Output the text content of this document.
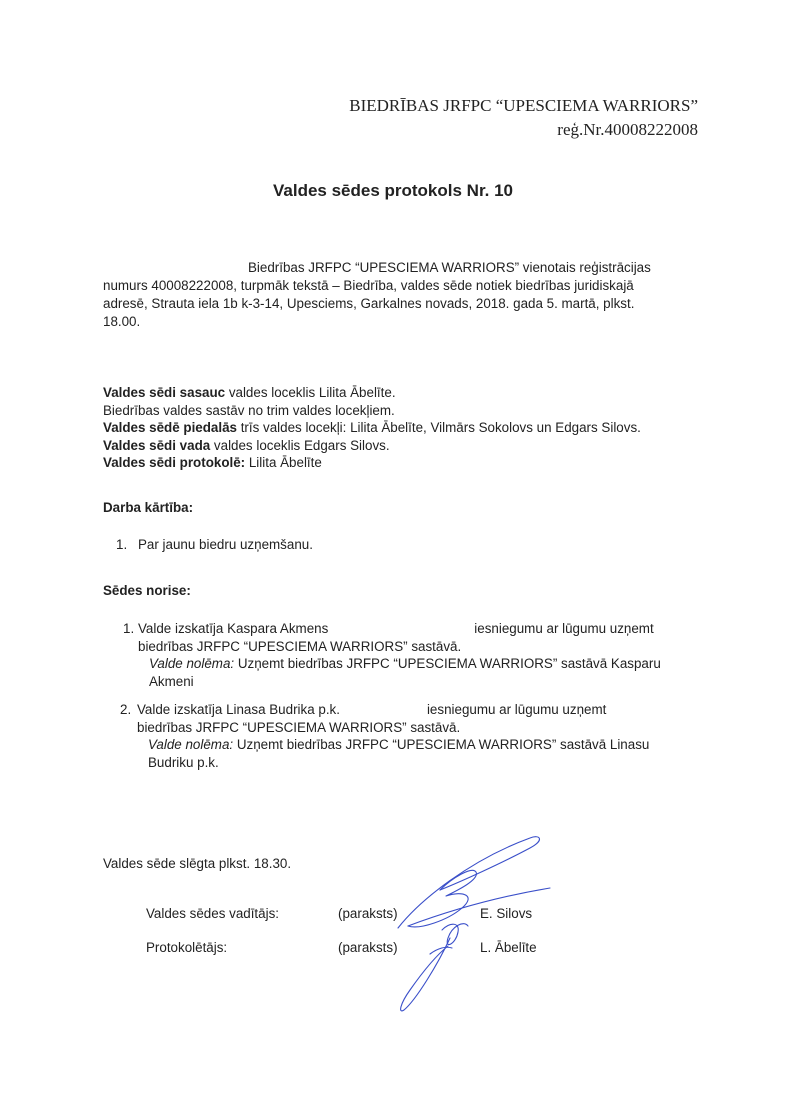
BIEDRĪBAS JRFPC “UPESCIEMA WARRIORS”
reģ.Nr.40008222008
Valdes sēdes protokols Nr. 10
Biedrības JRFPC “UPESCIEMA WARRIORS” vienotais reģistrācijas
numurs 40008222008, turpmāk tekstā – Biedrība, valdes sēde notiek biedrības juridiskajā
adresē, Strauta iela 1b k-3-14, Upesciems, Garkalnes novads, 2018. gada 5. martā, plkst.
18.00.
Valdes sēdi sasauc valdes loceklis Lilita Ābelīte.
Biedrības valdes sastāv no trim valdes locekļiem.
Valdes sēdē piedalās trīs valdes locekļi: Lilita Ābelīte, Vilmārs Sokolovs un Edgars Silovs.
Valdes sēdi vada valdes loceklis Edgars Silovs.
Valdes sēdi protokolē: Lilita Ābelīte
Darba kārtība:
1. Par jaunu biedru uzņemšanu.
Sēdes norise:
1. Valde izskatīja Kaspara Akmens	iesniegumu ar lūgumu uzņemt
biedrības JRFPC “UPESCIEMA WARRIORS” sastāvā.
Valde nolēma: Uzņemt biedrības JRFPC “UPESCIEMA WARRIORS” sastāvā Kasparu
Akmeni
2. Valde izskatīja Linasa Budrika p.k.	iesniegumu ar lūgumu uzņemt
biedrības JRFPC “UPESCIEMA WARRIORS” sastāvā.
Valde nolēma: Uzņemt biedrības JRFPC “UPESCIEMA WARRIORS” sastāvā Linasu
Budriku p.k.
Valdes sēde slēgta plkst. 18.30.
Valdes sēdes vadītājs:	(paraksts)	E. Silovs
Protokolētājs:	(paraksts)	L. Ābelīte
